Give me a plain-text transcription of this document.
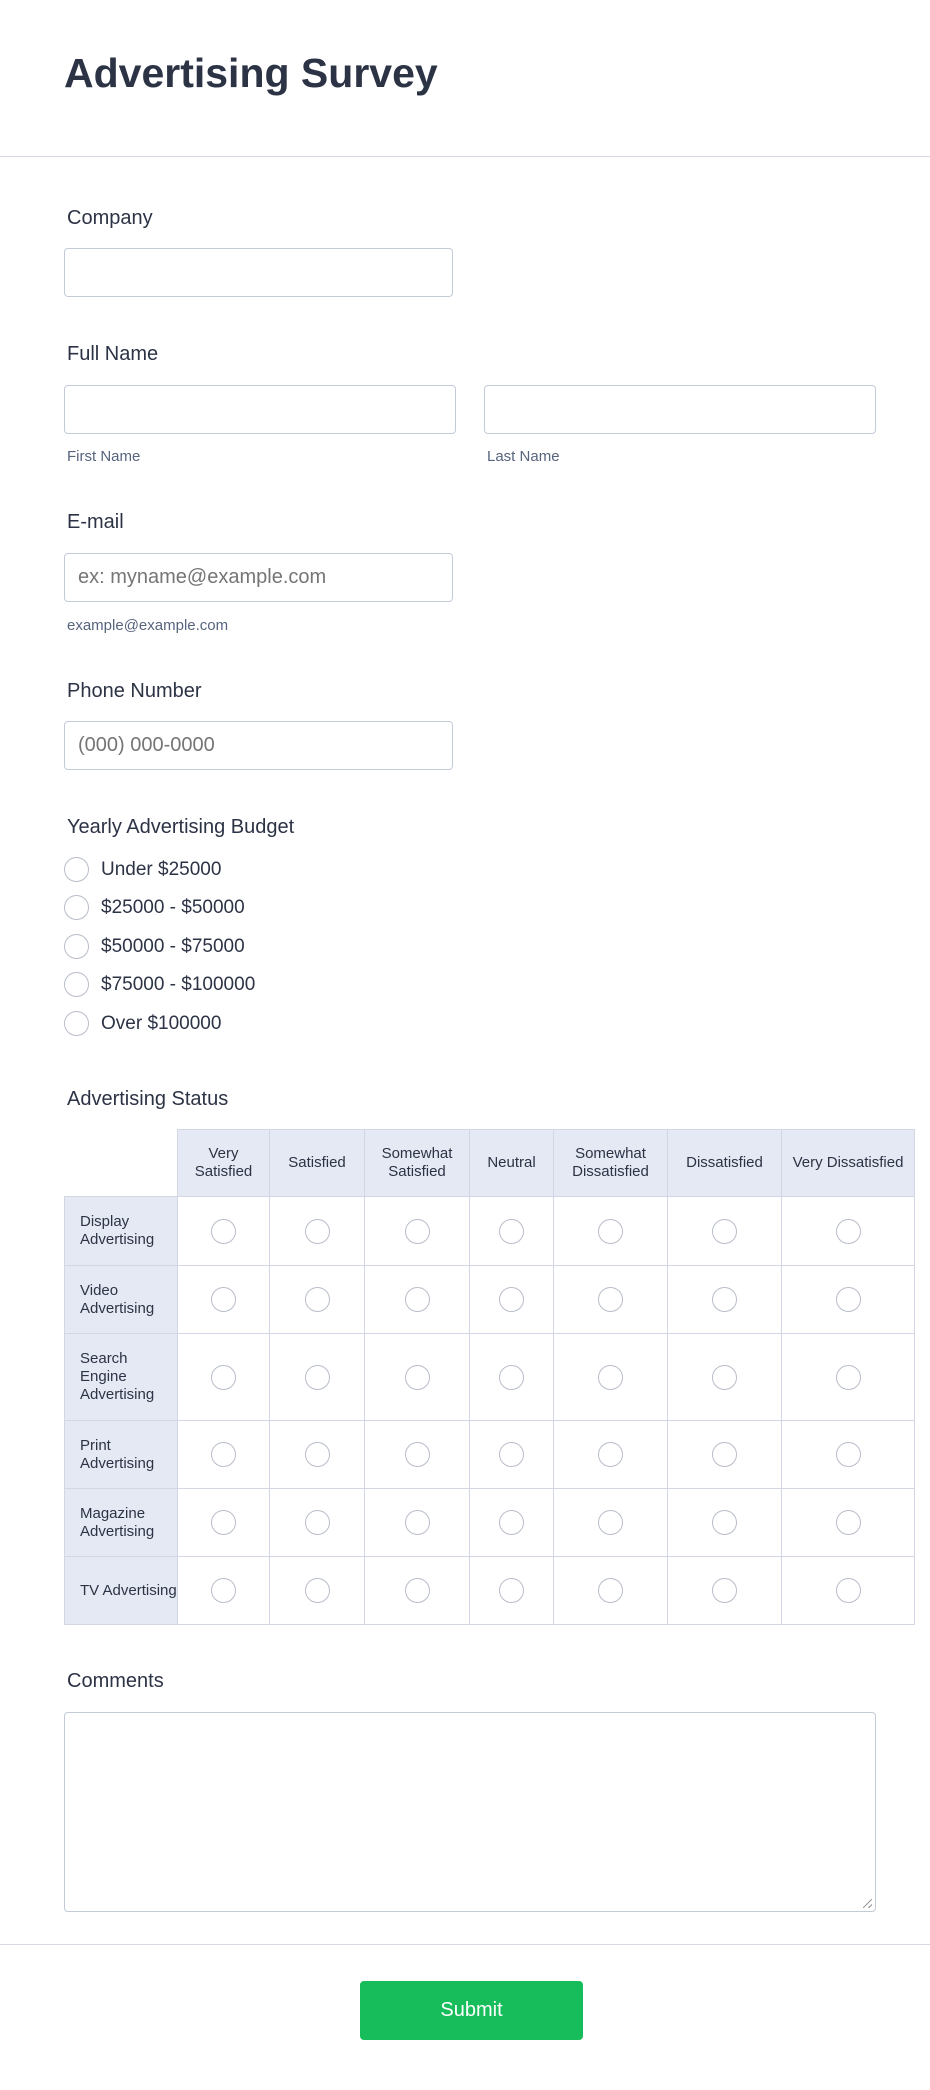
Advertising Survey
Company
Full Name
First Name	Last Name
E-mail
ex: myname@example.com
example@example.com
Phone Number
(000) 000-0000
Yearly Advertising Budget
Under $25000
$25000 - $50000
$50000 - $75000
$75000 - $100000
Over $100000
Advertising Status
	Very Satisfied	Satisfied	Somewhat Satisfied	Neutral	Somewhat Dissatisfied	Dissatisfied	Very Dissatisfied
Display Advertising	

Video Advertising	

Search Engine Advertising	

Print Advertising	

Magazine Advertising	

TV Advertising	

Comments
Submit
